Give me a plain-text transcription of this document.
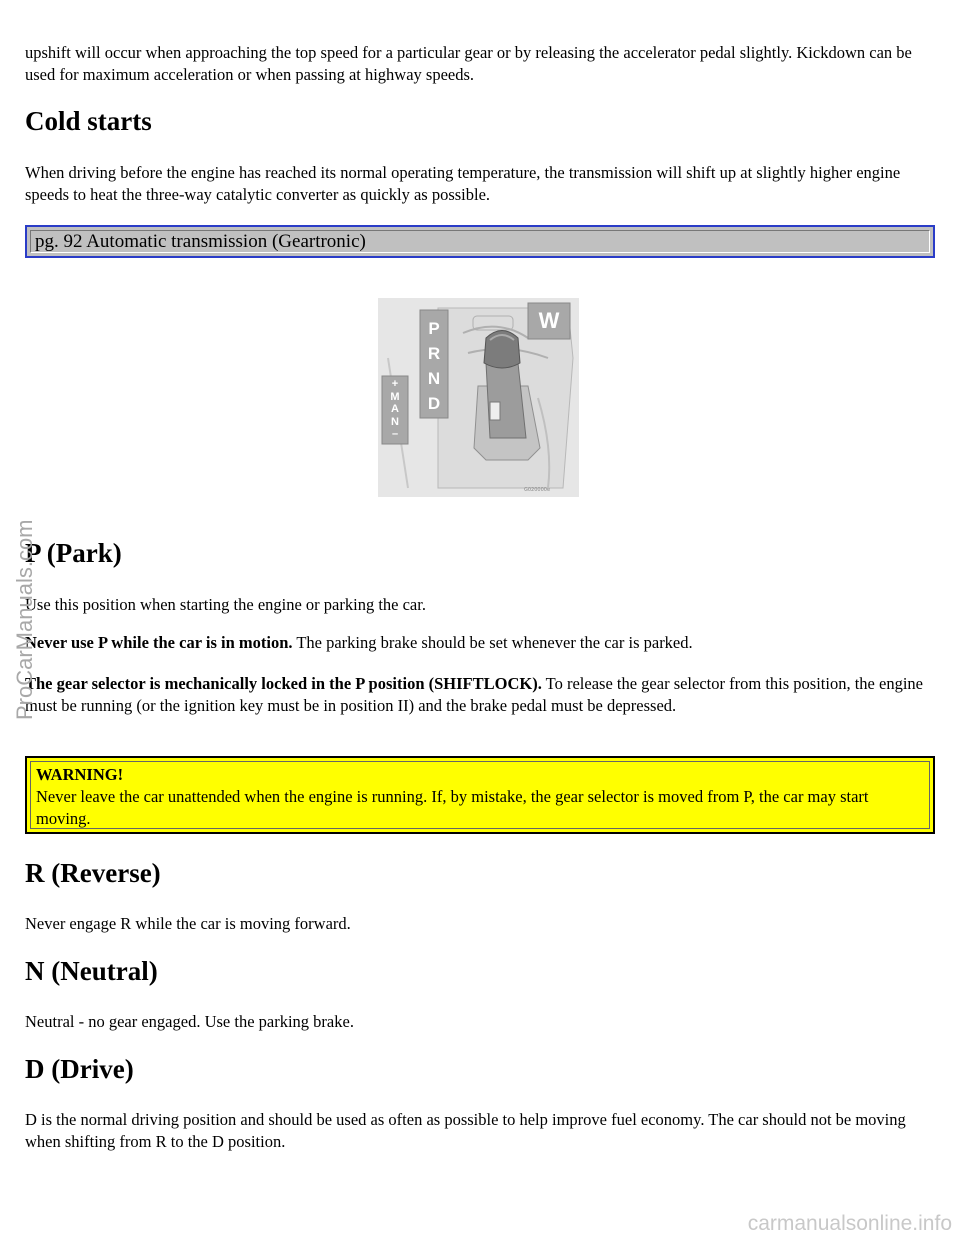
upshift will occur when approaching the top speed for a particular gear or by releasing the accelerator pedal slightly. Kickdown can be used for maximum acceleration or when passing at highway speeds.

Cold starts

When driving before the engine has reached its normal operating temperature, the transmission will shift up at slightly higher engine speeds to heat the three-way catalytic converter as quickly as possible.

pg. 92 Automatic transmission (Geartronic)
G020000e
P
R
N
D
+
M
A
N
–
W
P (Park)

Use this position when starting the engine or parking the car.

Never use P while the car is in motion. The parking brake should be set whenever the car is parked.

The gear selector is mechanically locked in the P position (SHIFTLOCK). To release the gear selector from this position, the engine must be running (or the ignition key must be in position II) and the brake pedal must be depressed.

WARNING!
Never leave the car unattended when the engine is running. If, by mistake, the gear selector is moved from P, the car may start moving.
R (Reverse)

Never engage R while the car is moving forward.

N (Neutral)

Neutral - no gear engaged. Use the parking brake.

D (Drive)

D is the normal driving position and should be used as often as possible to help improve fuel economy. The car should not be moving when shifting from R to the D position.

ProCarManuals.com
carmanualsonline.info
